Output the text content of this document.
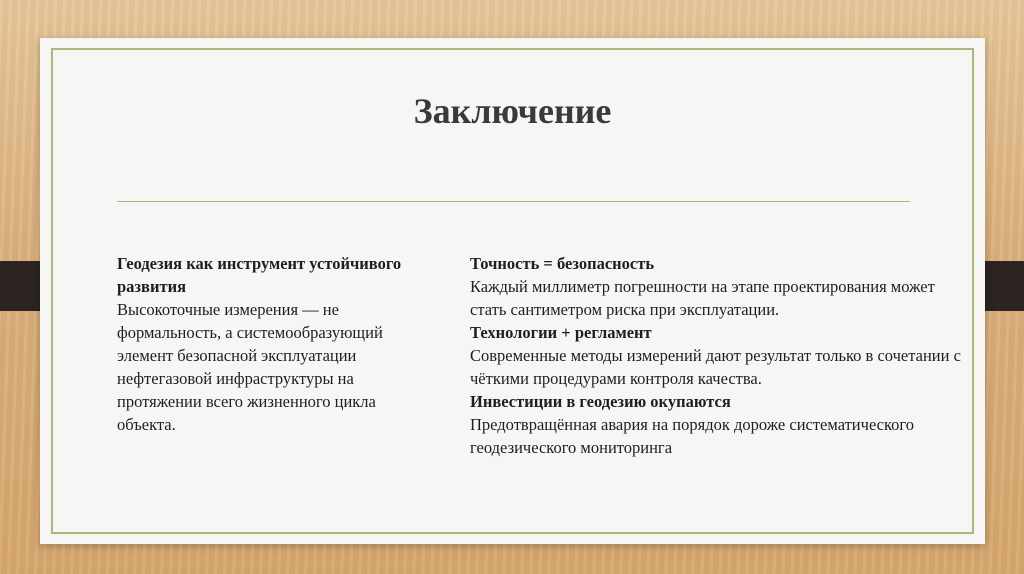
Заключение
Геодезия как инструмент устойчивого развития
Высокоточные измерения — не формальность, а системообразующий элемент безопасной эксплуатации нефтегазовой инфраструктуры на протяжении всего жизненного цикла объекта.
Точность = безопасность
Каждый миллиметр погрешности на этапе проектирования может стать сантиметром риска при эксплуатации.
Технологии + регламент
Современные методы измерений дают результат только в сочетании с чёткими процедурами контроля качества.
Инвестиции в геодезию окупаются
Предотвращённая авария на порядок дороже систематического геодезического мониторинга
